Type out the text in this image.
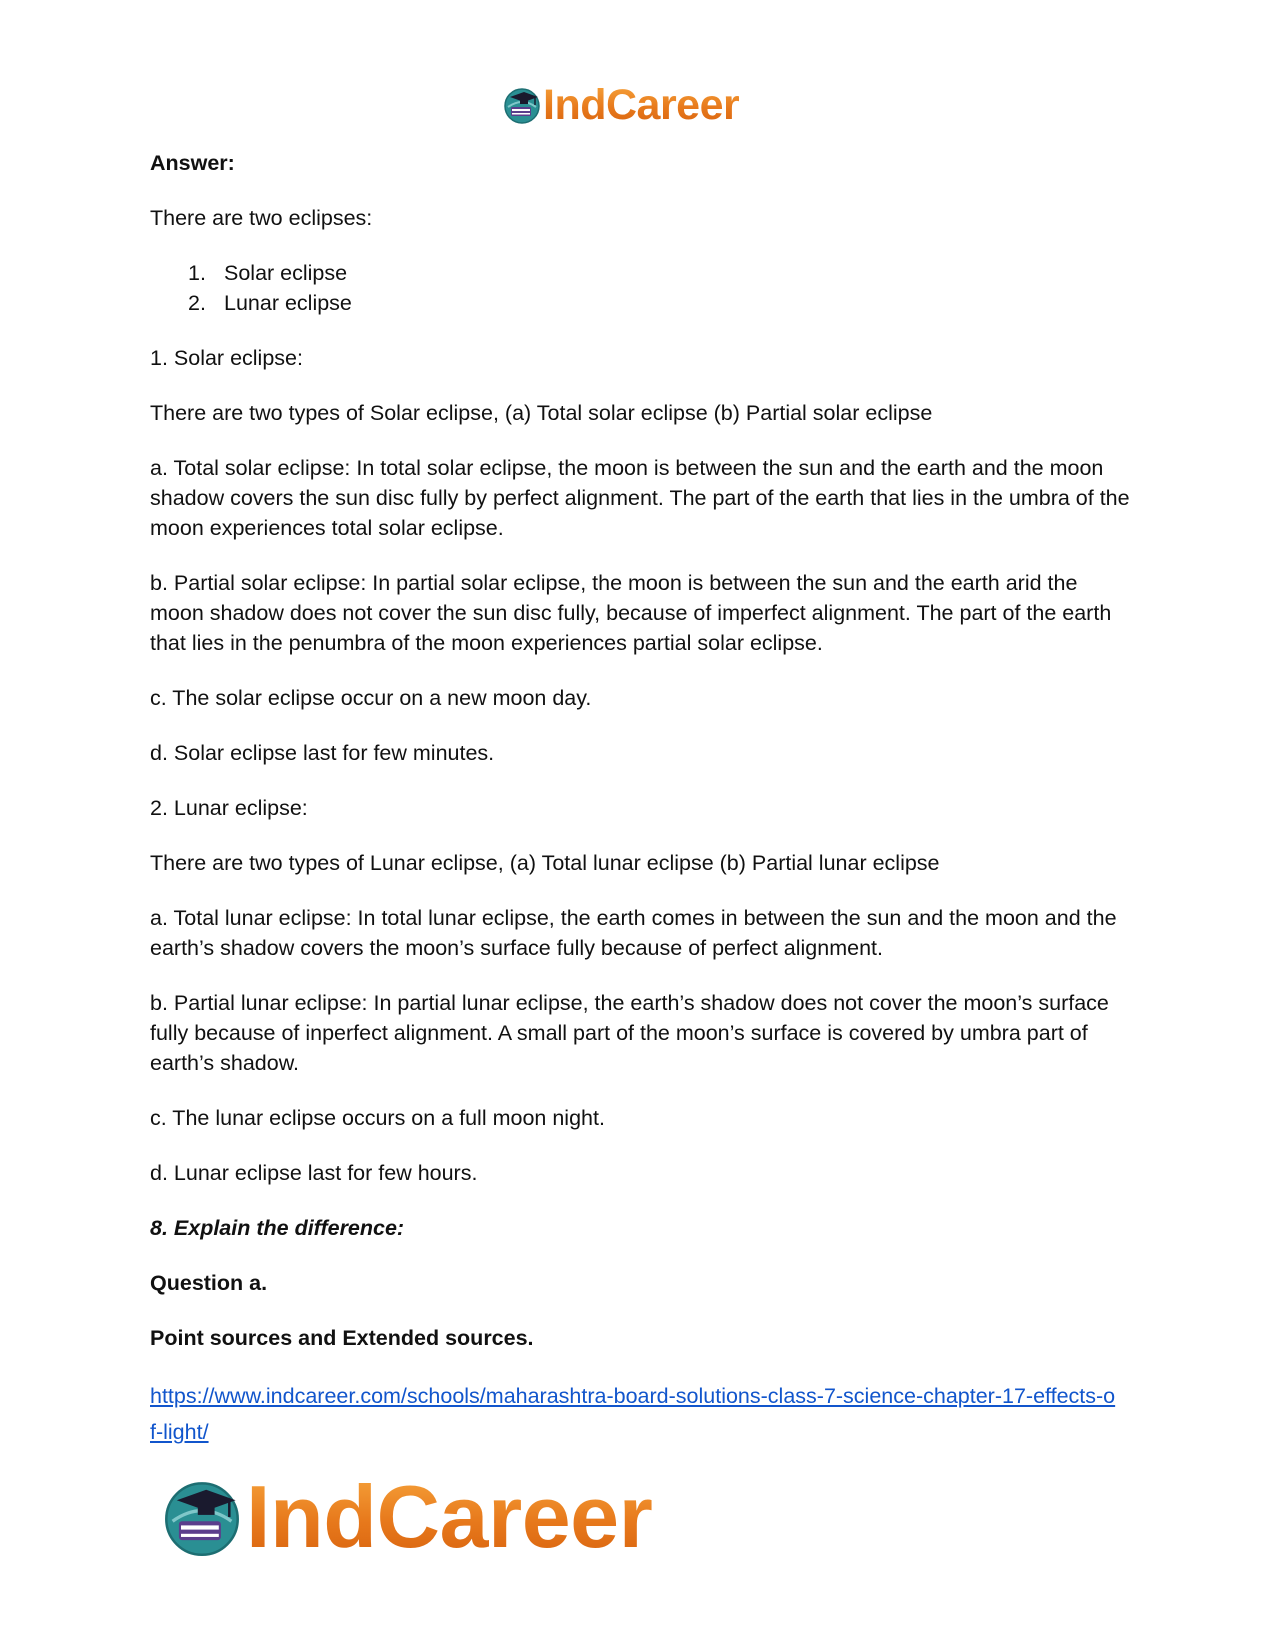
IndCareer

Answer:

There are two eclipses:

1. Solar eclipse
2. Lunar eclipse

1. Solar eclipse:

There are two types of Solar eclipse, (a) Total solar eclipse (b) Partial solar eclipse

a. Total solar eclipse: In total solar eclipse, the moon is between the sun and the earth and the moon shadow covers the sun disc fully by perfect alignment. The part of the earth that lies in the umbra of the moon experiences total solar eclipse.

b. Partial solar eclipse: In partial solar eclipse, the moon is between the sun and the earth arid the moon shadow does not cover the sun disc fully, because of imperfect alignment. The part of the earth that lies in the penumbra of the moon experiences partial solar eclipse.

c. The solar eclipse occur on a new moon day.

d. Solar eclipse last for few minutes.

2. Lunar eclipse:

There are two types of Lunar eclipse, (a) Total lunar eclipse (b) Partial lunar eclipse

a. Total lunar eclipse: In total lunar eclipse, the earth comes in between the sun and the moon and the earth’s shadow covers the moon’s surface fully because of perfect alignment.

b. Partial lunar eclipse: In partial lunar eclipse, the earth’s shadow does not cover the moon’s surface fully because of inperfect alignment. A small part of the moon’s surface is covered by umbra part of earth’s shadow.

c. The lunar eclipse occurs on a full moon night.

d. Lunar eclipse last for few hours.

8. Explain the difference:

Question a.

Point sources and Extended sources.

https://www.indcareer.com/schools/maharashtra-board-solutions-class-7-science-chapter-17-effects-of-light/
IndCareer
